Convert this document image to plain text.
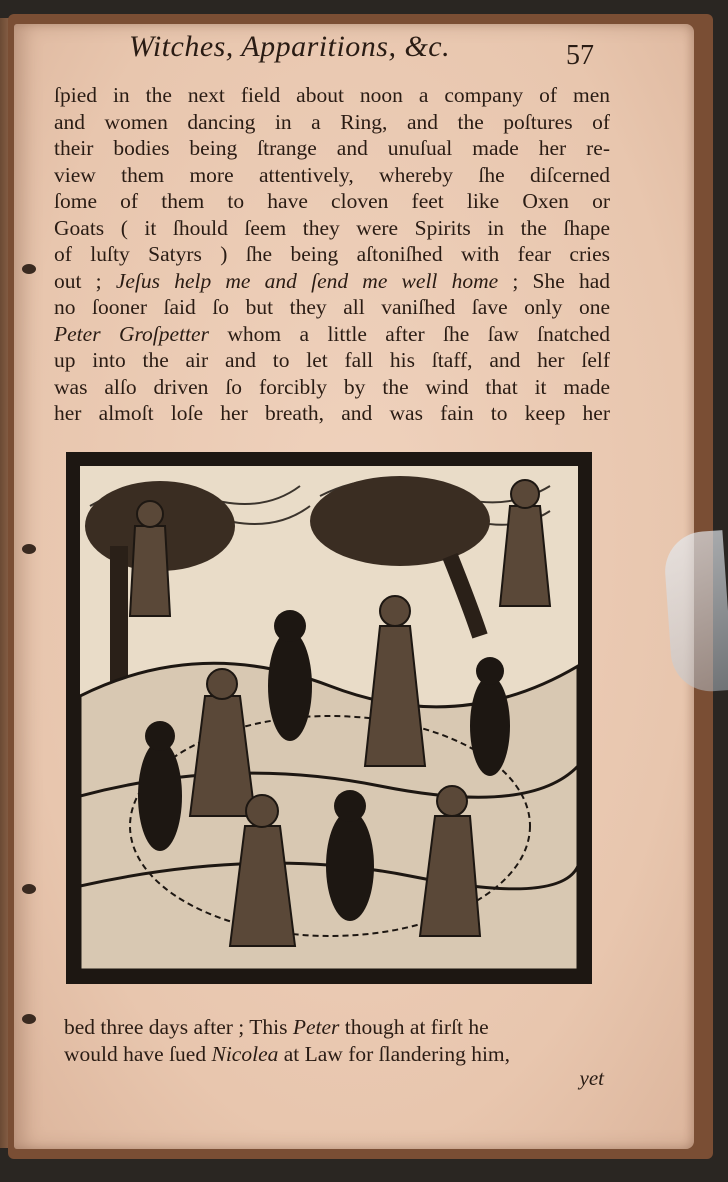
Witches, Apparitions, &c.	57
ſpied in the next field about noon a company of men
and women dancing in a Ring, and the poſtures of
their bodies being ſtrange and unuſual made her re-
view them more attentively, whereby ſhe diſcerned
ſome of them to have cloven feet like Oxen or
Goats ( it ſhould ſeem they were Spirits in the ſhape
of luſty Satyrs ) ſhe being aſtoniſhed with fear cries
out ; Jeſus help me and ſend me well home ; She had
no ſooner ſaid ſo but they all vaniſhed ſave only one
Peter Groſpetter whom a little after ſhe ſaw ſnatched
up into the air and to let fall his ſtaff, and her ſelf
was alſo driven ſo forcibly by the wind that it made
her almoſt loſe her breath, and was fain to keep her
bed three days after ; This Peter though at firſt he
would have ſued Nicolea at Law for ſlandering him,
yet
